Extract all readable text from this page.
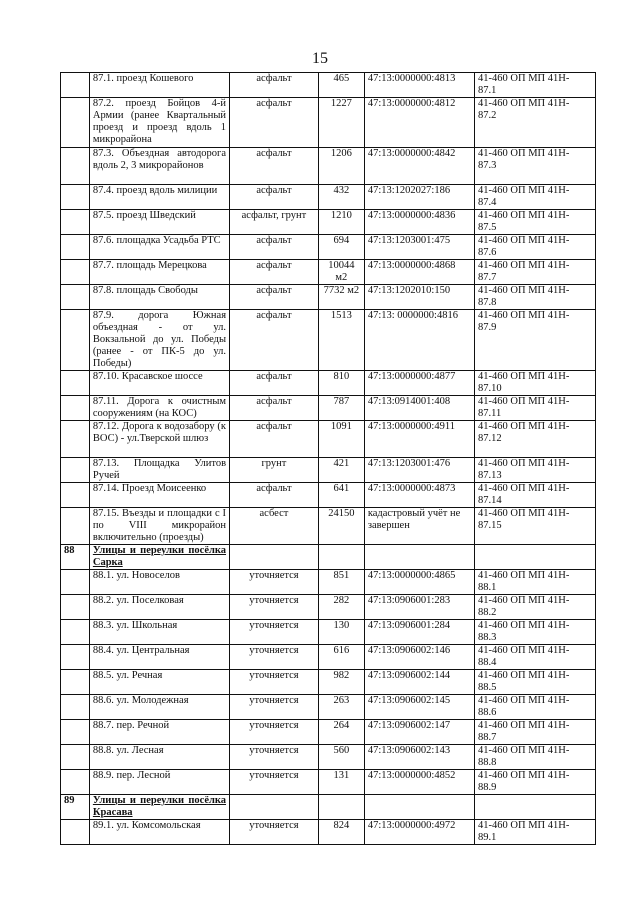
15

	87.1. проезд Кошевого	асфальт	465	47:13:0000000:4813	41-460 ОП МП 41Н-
87.1

	87.2. проезд Бойцов 4-й Армии (ранее Квартальный проезд и проезд вдоль 1 микрорайона	асфальт	1227	47:13:0000000:4812	41-460 ОП МП 41Н-
87.2

	87.3. Объездная автодорога вдоль 2, 3 микрорайонов	асфальт	1206	47:13:0000000:4842	41-460 ОП МП 41Н-
87.3

	87.4. проезд вдоль милиции	асфальт	432	47:13:1202027:186	41-460 ОП МП 41Н-
87.4

	87.5. проезд Шведский	асфальт, грунт	1210	47:13:0000000:4836	41-460 ОП МП 41Н-
87.5

	87.6. площадка Усадьба РТС	асфальт	694	47:13:1203001:475	41-460 ОП МП 41Н-
87.6

	87.7. площадь Мерецкова	асфальт	10044 м2	47:13:0000000:4868	41-460 ОП МП 41Н-
87.7

	87.8. площадь Свободы	асфальт	7732 м2	47:13:1202010:150	41-460 ОП МП 41Н-
87.8

	87.9. дорога Южная объездная - от ул. Вокзальной до ул. Победы (ранее - от ПК-5 до ул. Победы)	асфальт	1513	47:13: 0000000:4816	41-460 ОП МП 41Н-
87.9

	87.10. Красавское шоссе	асфальт	810	47:13:0000000:4877	41-460 ОП МП 41Н-
87.10

	87.11. Дорога к очистным сооружениям (на КОС)	асфальт	787	47:13:0914001:408	41-460 ОП МП 41Н-
87.11

	87.12. Дорога к водозабору (к ВОС) - ул.Тверской шлюз	асфальт	1091	47:13:0000000:4911	41-460 ОП МП 41Н-
87.12

	87.13. Площадка Улитов Ручей	грунт	421	47:13:1203001:476	41-460 ОП МП 41Н-
87.13

	87.14. Проезд Моисеенко	асфальт	641	47:13:0000000:4873	41-460 ОП МП 41Н-
87.14

	87.15. Въезды и площадки с I по VIII микрорайон включительно (проезды)	асбест	24150	кадастровый учёт не завершен	41-460 ОП МП 41Н-
87.15

88	Улицы и переулки посёлка Сарка				

	88.1. ул. Новоселов	уточняется	851	47:13:0000000:4865	41-460 ОП МП 41Н-
88.1

	88.2. ул. Поселковая	уточняется	282	47:13:0906001:283	41-460 ОП МП 41Н-
88.2

	88.3. ул. Школьная	уточняется	130	47:13:0906001:284	41-460 ОП МП 41Н-
88.3

	88.4. ул. Центральная	уточняется	616	47:13:0906002:146	41-460 ОП МП 41Н-
88.4

	88.5. ул. Речная	уточняется	982	47:13:0906002:144	41-460 ОП МП 41Н-
88.5

	88.6. ул. Молодежная	уточняется	263	47:13:0906002:145	41-460 ОП МП 41Н-
88.6

	88.7. пер. Речной	уточняется	264	47:13:0906002:147	41-460 ОП МП 41Н-
88.7

	88.8. ул. Лесная	уточняется	560	47:13:0906002:143	41-460 ОП МП 41Н-
88.8

	88.9. пер. Лесной	уточняется	131	47:13:0000000:4852	41-460 ОП МП 41Н-
88.9

89	Улицы и переулки посёлка Красава				

	89.1. ул. Комсомольская	уточняется	824	47:13:0000000:4972	41-460 ОП МП 41Н-
89.1
